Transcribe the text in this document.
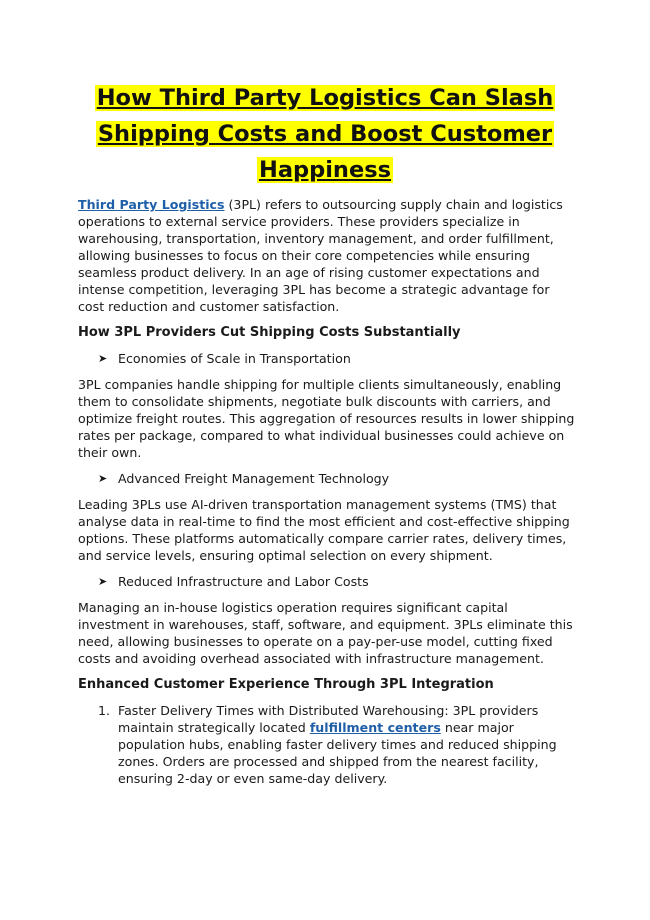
How Third Party Logistics Can Slash
Shipping Costs and Boost Customer
Happiness

Third Party Logistics (3PL) refers to outsourcing supply chain and logistics operations to external service providers. These providers specialize in warehousing, transportation, inventory management, and order fulfillment, allowing businesses to focus on their core competencies while ensuring seamless product delivery. In an age of rising customer expectations and intense competition, leveraging 3PL has become a strategic advantage for cost reduction and customer satisfaction.

How 3PL Providers Cut Shipping Costs Substantially
➤ Economies of Scale in Transportation

3PL companies handle shipping for multiple clients simultaneously, enabling them to consolidate shipments, negotiate bulk discounts with carriers, and optimize freight routes. This aggregation of resources results in lower shipping rates per package, compared to what individual businesses could achieve on their own.

➤ Advanced Freight Management Technology

Leading 3PLs use AI-driven transportation management systems (TMS) that analyse data in real-time to find the most efficient and cost-effective shipping options. These platforms automatically compare carrier rates, delivery times, and service levels, ensuring optimal selection on every shipment.

➤ Reduced Infrastructure and Labor Costs

Managing an in-house logistics operation requires significant capital investment in warehouses, staff, software, and equipment. 3PLs eliminate this need, allowing businesses to operate on a pay-per-use model, cutting fixed costs and avoiding overhead associated with infrastructure management.

Enhanced Customer Experience Through 3PL Integration
1. Faster Delivery Times with Distributed Warehousing: 3PL providers maintain strategically located fulfillment centers near major population hubs, enabling faster delivery times and reduced shipping zones. Orders are processed and shipped from the nearest facility, ensuring 2-day or even same-day delivery.
